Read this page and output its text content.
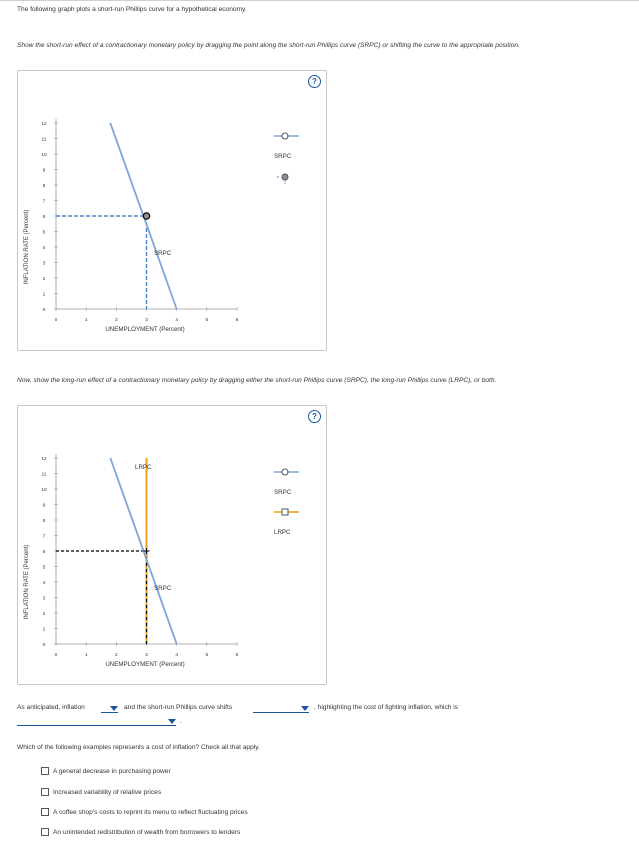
The following graph plots a short-run Phillips curve for a hypothetical economy.
Show the short-run effect of a contractionary monetary policy by dragging the point along the short-run Phillips curve (SRPC) or shifting the curve to the appropriate position.
?
INFLATION RATE (Percent)
UNEMPLOYMENT (Percent)
0
1
2
3
4
5
6
7
8
9
10
11
12
0	1	2	3	4	5	6
SRPC
SRPC
Now, show the long-run effect of a contractionary monetary policy by dragging either the short-run Phillips curve (SRPC), the long-run Phillips curve (LRPC), or both.
?
INFLATION RATE (Percent)
UNEMPLOYMENT (Percent)
0
1
2
3
4
5
6
7
8
9
10
11
12
0	1	2	3	4	5	6
LRPC
SRPC
SRPC
LRPC
As anticipated, inflation	and the short-run Phillips curve shifts	, highlighting the cost of fighting inflation, which is
.
Which of the following examples represents a cost of inflation? Check all that apply.
A general decrease in purchasing power
Increased variability of relative prices
A coffee shop's costs to reprint its menu to reflect fluctuating prices
An unintended redistribution of wealth from borrowers to lenders
